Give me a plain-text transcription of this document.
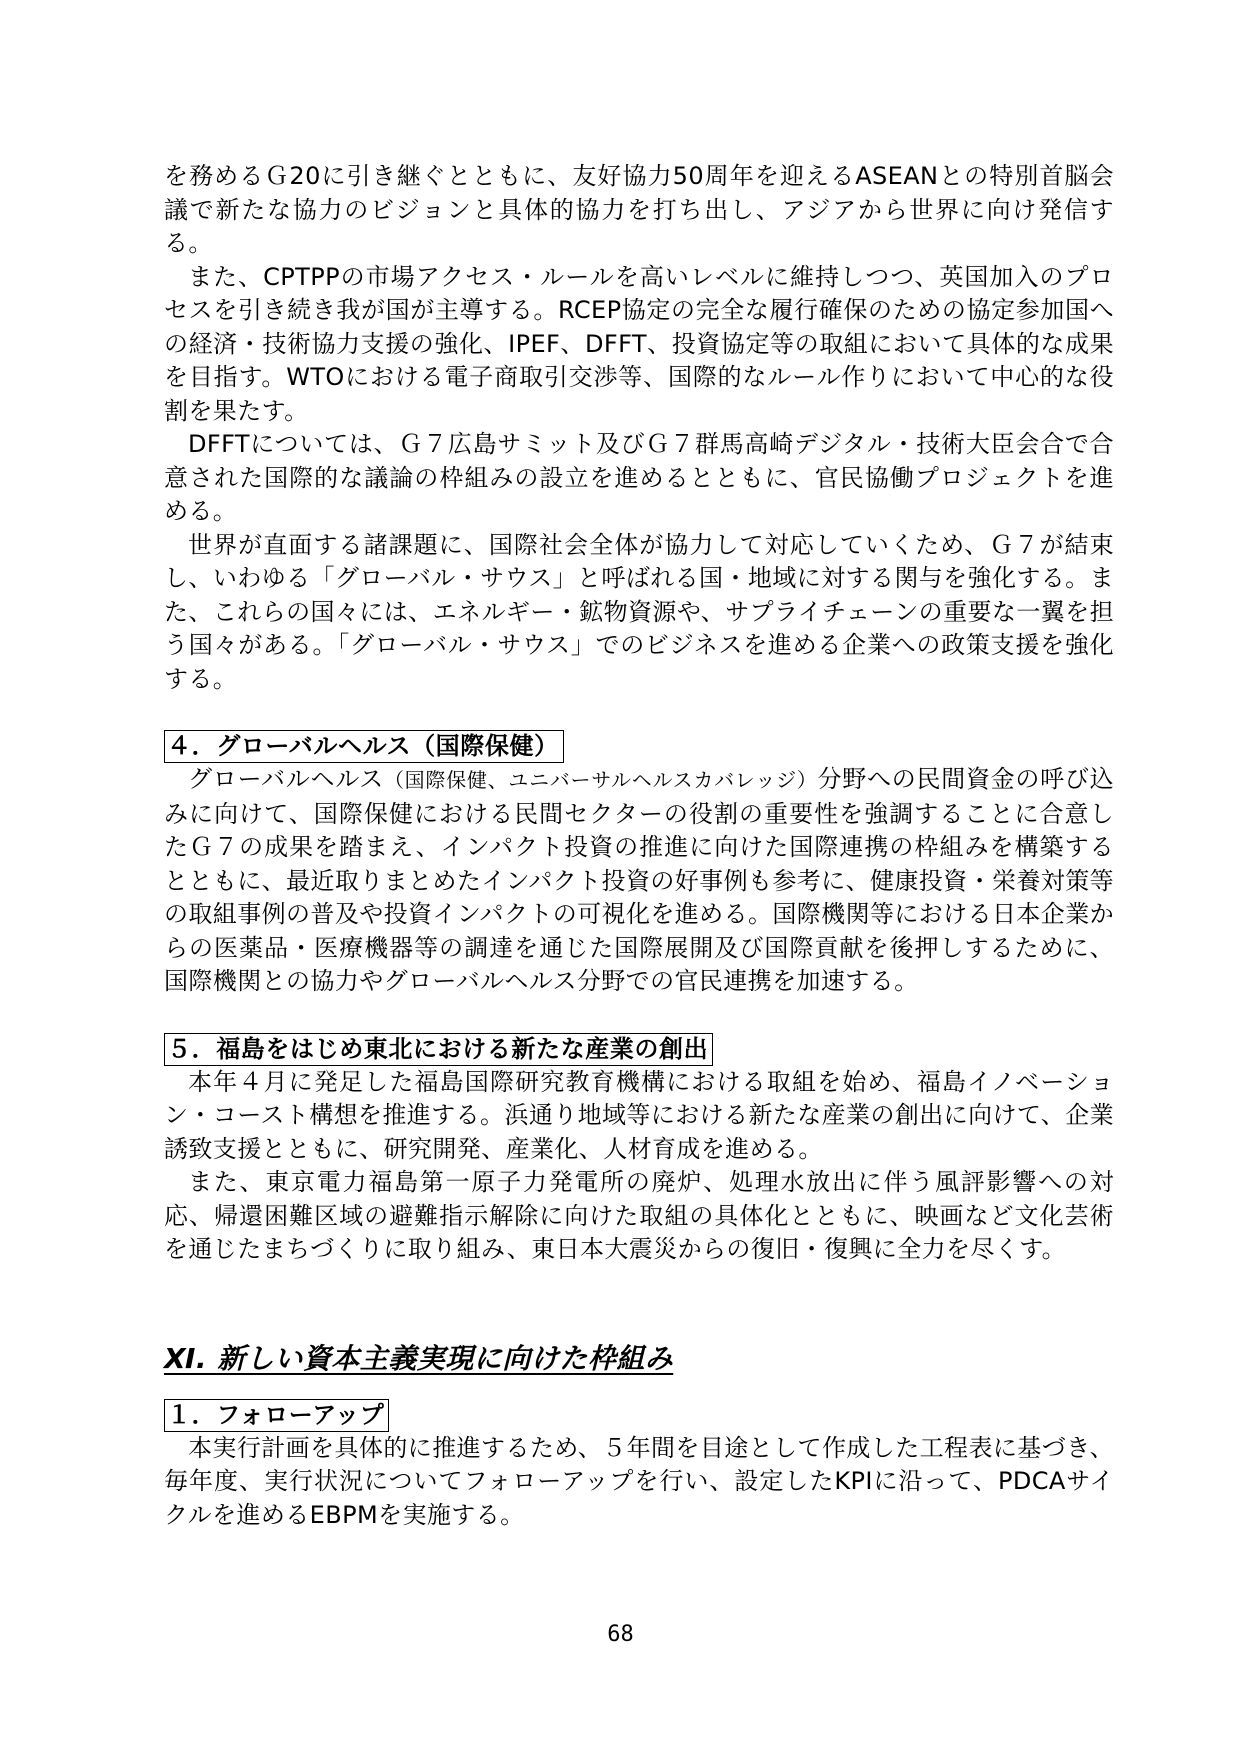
を務めるＧ20に引き継ぐとともに、友好協力50周年を迎えるASEANとの特別首脳会議で新たな協力のビジョンと具体的協力を打ち出し、アジアから世界に向け発信する。

また、CPTPPの市場アクセス・ルールを高いレベルに維持しつつ、英国加入のプロセスを引き続き我が国が主導する。RCEP協定の完全な履行確保のための協定参加国への経済・技術協力支援の強化、IPEF、DFFT、投資協定等の取組において具体的な成果を目指す。WTOにおける電子商取引交渉等、国際的なルール作りにおいて中心的な役割を果たす。

DFFTについては、Ｇ７広島サミット及びＧ７群馬高崎デジタル・技術大臣会合で合意された国際的な議論の枠組みの設立を進めるとともに、官民協働プロジェクトを進める。

世界が直面する諸課題に、国際社会全体が協力して対応していくため、Ｇ７が結束し、いわゆる「グローバル・サウス」と呼ばれる国・地域に対する関与を強化する。また、これらの国々には、エネルギー・鉱物資源や、サプライチェーンの重要な一翼を担う国々がある。「グローバル・サウス」でのビジネスを進める企業への政策支援を強化する。

４．グローバルヘルス（国際保健）

グローバルヘルス（国際保健、ユニバーサルヘルスカバレッジ）分野への民間資金の呼び込みに向けて、国際保健における民間セクターの役割の重要性を強調することに合意したＧ７の成果を踏まえ、インパクト投資の推進に向けた国際連携の枠組みを構築するとともに、最近取りまとめたインパクト投資の好事例も参考に、健康投資・栄養対策等の取組事例の普及や投資インパクトの可視化を進める。国際機関等における日本企業からの医薬品・医療機器等の調達を通じた国際展開及び国際貢献を後押しするために、国際機関との協力やグローバルヘルス分野での官民連携を加速する。

５．福島をはじめ東北における新たな産業の創出

本年４月に発足した福島国際研究教育機構における取組を始め、福島イノベーション・コースト構想を推進する。浜通り地域等における新たな産業の創出に向けて、企業誘致支援とともに、研究開発、産業化、人材育成を進める。

また、東京電力福島第一原子力発電所の廃炉、処理水放出に伴う風評影響への対応、帰還困難区域の避難指示解除に向けた取組の具体化とともに、映画など文化芸術を通じたまちづくりに取り組み、東日本大震災からの復旧・復興に全力を尽くす。

Ⅺ. 新しい資本主義実現に向けた枠組み
１．フォローアップ

本実行計画を具体的に推進するため、５年間を目途として作成した工程表に基づき、毎年度、実行状況についてフォローアップを行い、設定したKPIに沿って、PDCAサイクルを進めるEBPMを実施する。

68
